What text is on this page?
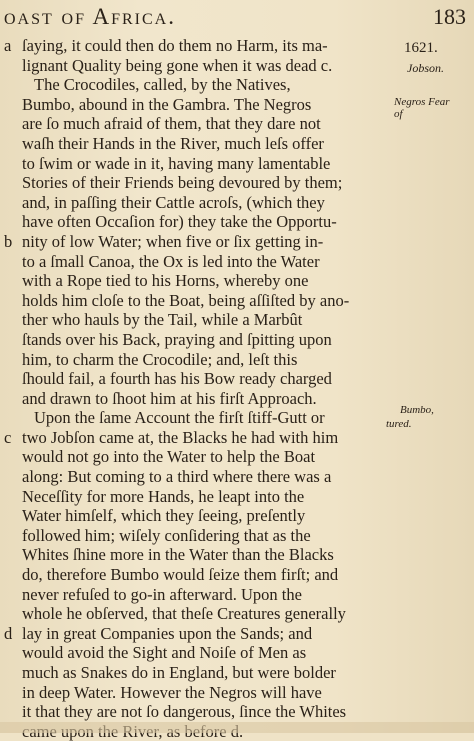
oast of Africa.	183
1621.
Jobson.
Negros Fear
of
Bumbo,
tured.
a ſaying, it could then do them no Harm, its ma-
lignant Quality being gone when it was dead c.
The Crocodiles, called, by the Natives,
Bumbo, abound in the Gambra. The Negros
are ſo much afraid of them, that they dare not
waſh their Hands in the River, much leſs offer
to ſwim or wade in it, having many lamentable
Stories of their Friends being devoured by them;
and, in paſſing their Cattle acroſs, (which they
have often Occaſion for) they take the Opportu-
b nity of low Water; when five or ſix getting in-
to a ſmall Canoa, the Ox is led into the Water
with a Rope tied to his Horns, whereby one
holds him cloſe to the Boat, being aſſiſted by ano-
ther who hauls by the Tail, while a Marbût
ſtands over his Back, praying and ſpitting upon
him, to charm the Crocodile; and, leſt this
ſhould fail, a fourth has his Bow ready charged
and drawn to ſhoot him at his firſt Approach.
Upon the ſame Account the firſt ſtiff-Gutt or
c two Jobſon came at, the Blacks he had with him
would not go into the Water to help the Boat
along: But coming to a third where there was a
Neceſſity for more Hands, he leapt into the
Water himſelf, which they ſeeing, preſently
followed him; wiſely conſidering that as the
Whites ſhine more in the Water than the Blacks
do, therefore Bumbo would ſeize them firſt; and
never refuſed to go-in afterward. Upon the
whole he obſerved, that theſe Creatures generally
d lay in great Companies upon the Sands; and
would avoid the Sight and Noiſe of Men as
much as Snakes do in England, but were bolder
in deep Water. However the Negros will have
it that they are not ſo dangerous, ſince the Whites
